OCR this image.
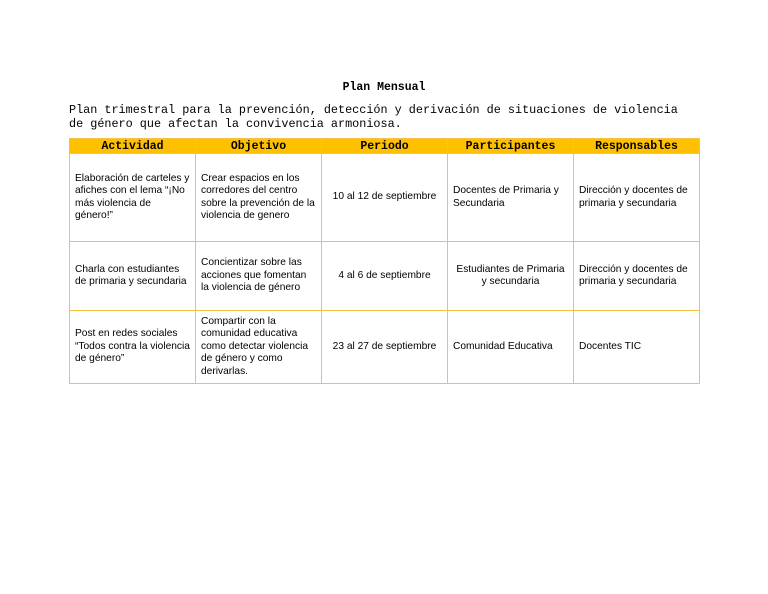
Plan Mensual
Plan trimestral para la prevención, detección y derivación de situaciones de violencia de género que afectan la convivencia armoniosa.
Actividad	Objetivo	Periodo	Participantes	Responsables
Elaboración de carteles y afiches con el lema “¡No más violencia de género!”	Crear espacios en los corredores del centro sobre la prevención de la violencia de genero	10 al 12 de septiembre	Docentes de Primaria y Secundaria	Dirección y docentes de primaria y secundaria
Charla con estudiantes de primaria y secundaria	Concientizar sobre las acciones que fomentan la violencia de género	4 al 6 de septiembre	Estudiantes de Primaria y secundaria	Dirección y docentes de primaria y secundaria
Post en redes sociales “Todos contra la violencia de género”	Compartir con la comunidad educativa como detectar violencia de género y como derivarlas.	23 al 27 de septiembre	Comunidad Educativa	Docentes TIC
